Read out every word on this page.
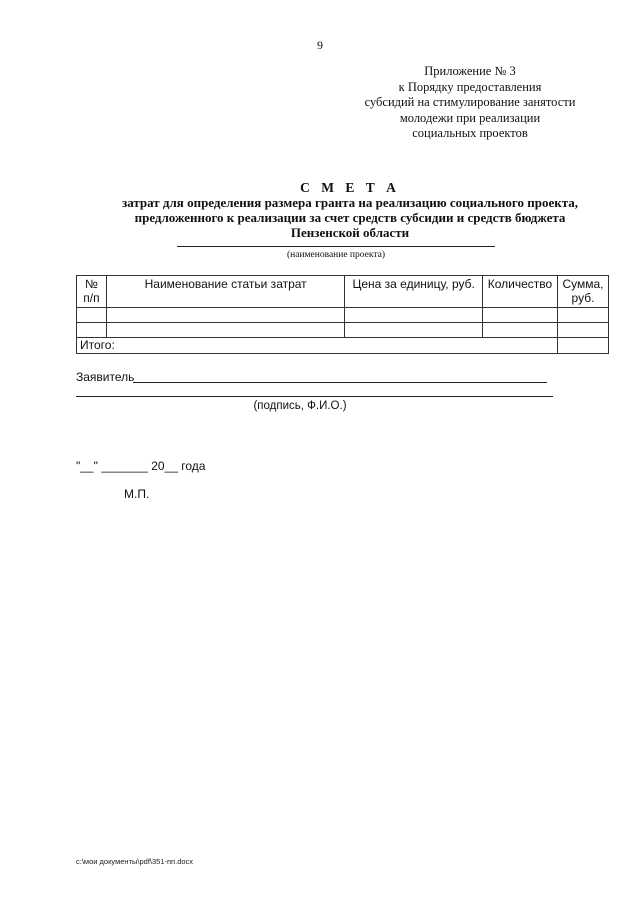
9
Приложение № 3
к Порядку предоставления
субсидий на стимулирование занятости
молодежи при реализации
социальных проектов
С М Е Т А
затрат для определения размера гранта на реализацию социального проекта,
предложенного к реализации за счет средств субсидии и средств бюджета
Пензенской области
(наименование проекта)
№ п/п	Наименование статьи затрат	Цена за единицу, руб.	Количество	Сумма, руб.

Итого:				
Заявитель
(подпись, Ф.И.О.)
"__" _______ 20__ года
М.П.
c:\мои документы\pdf\351-пп.docx
